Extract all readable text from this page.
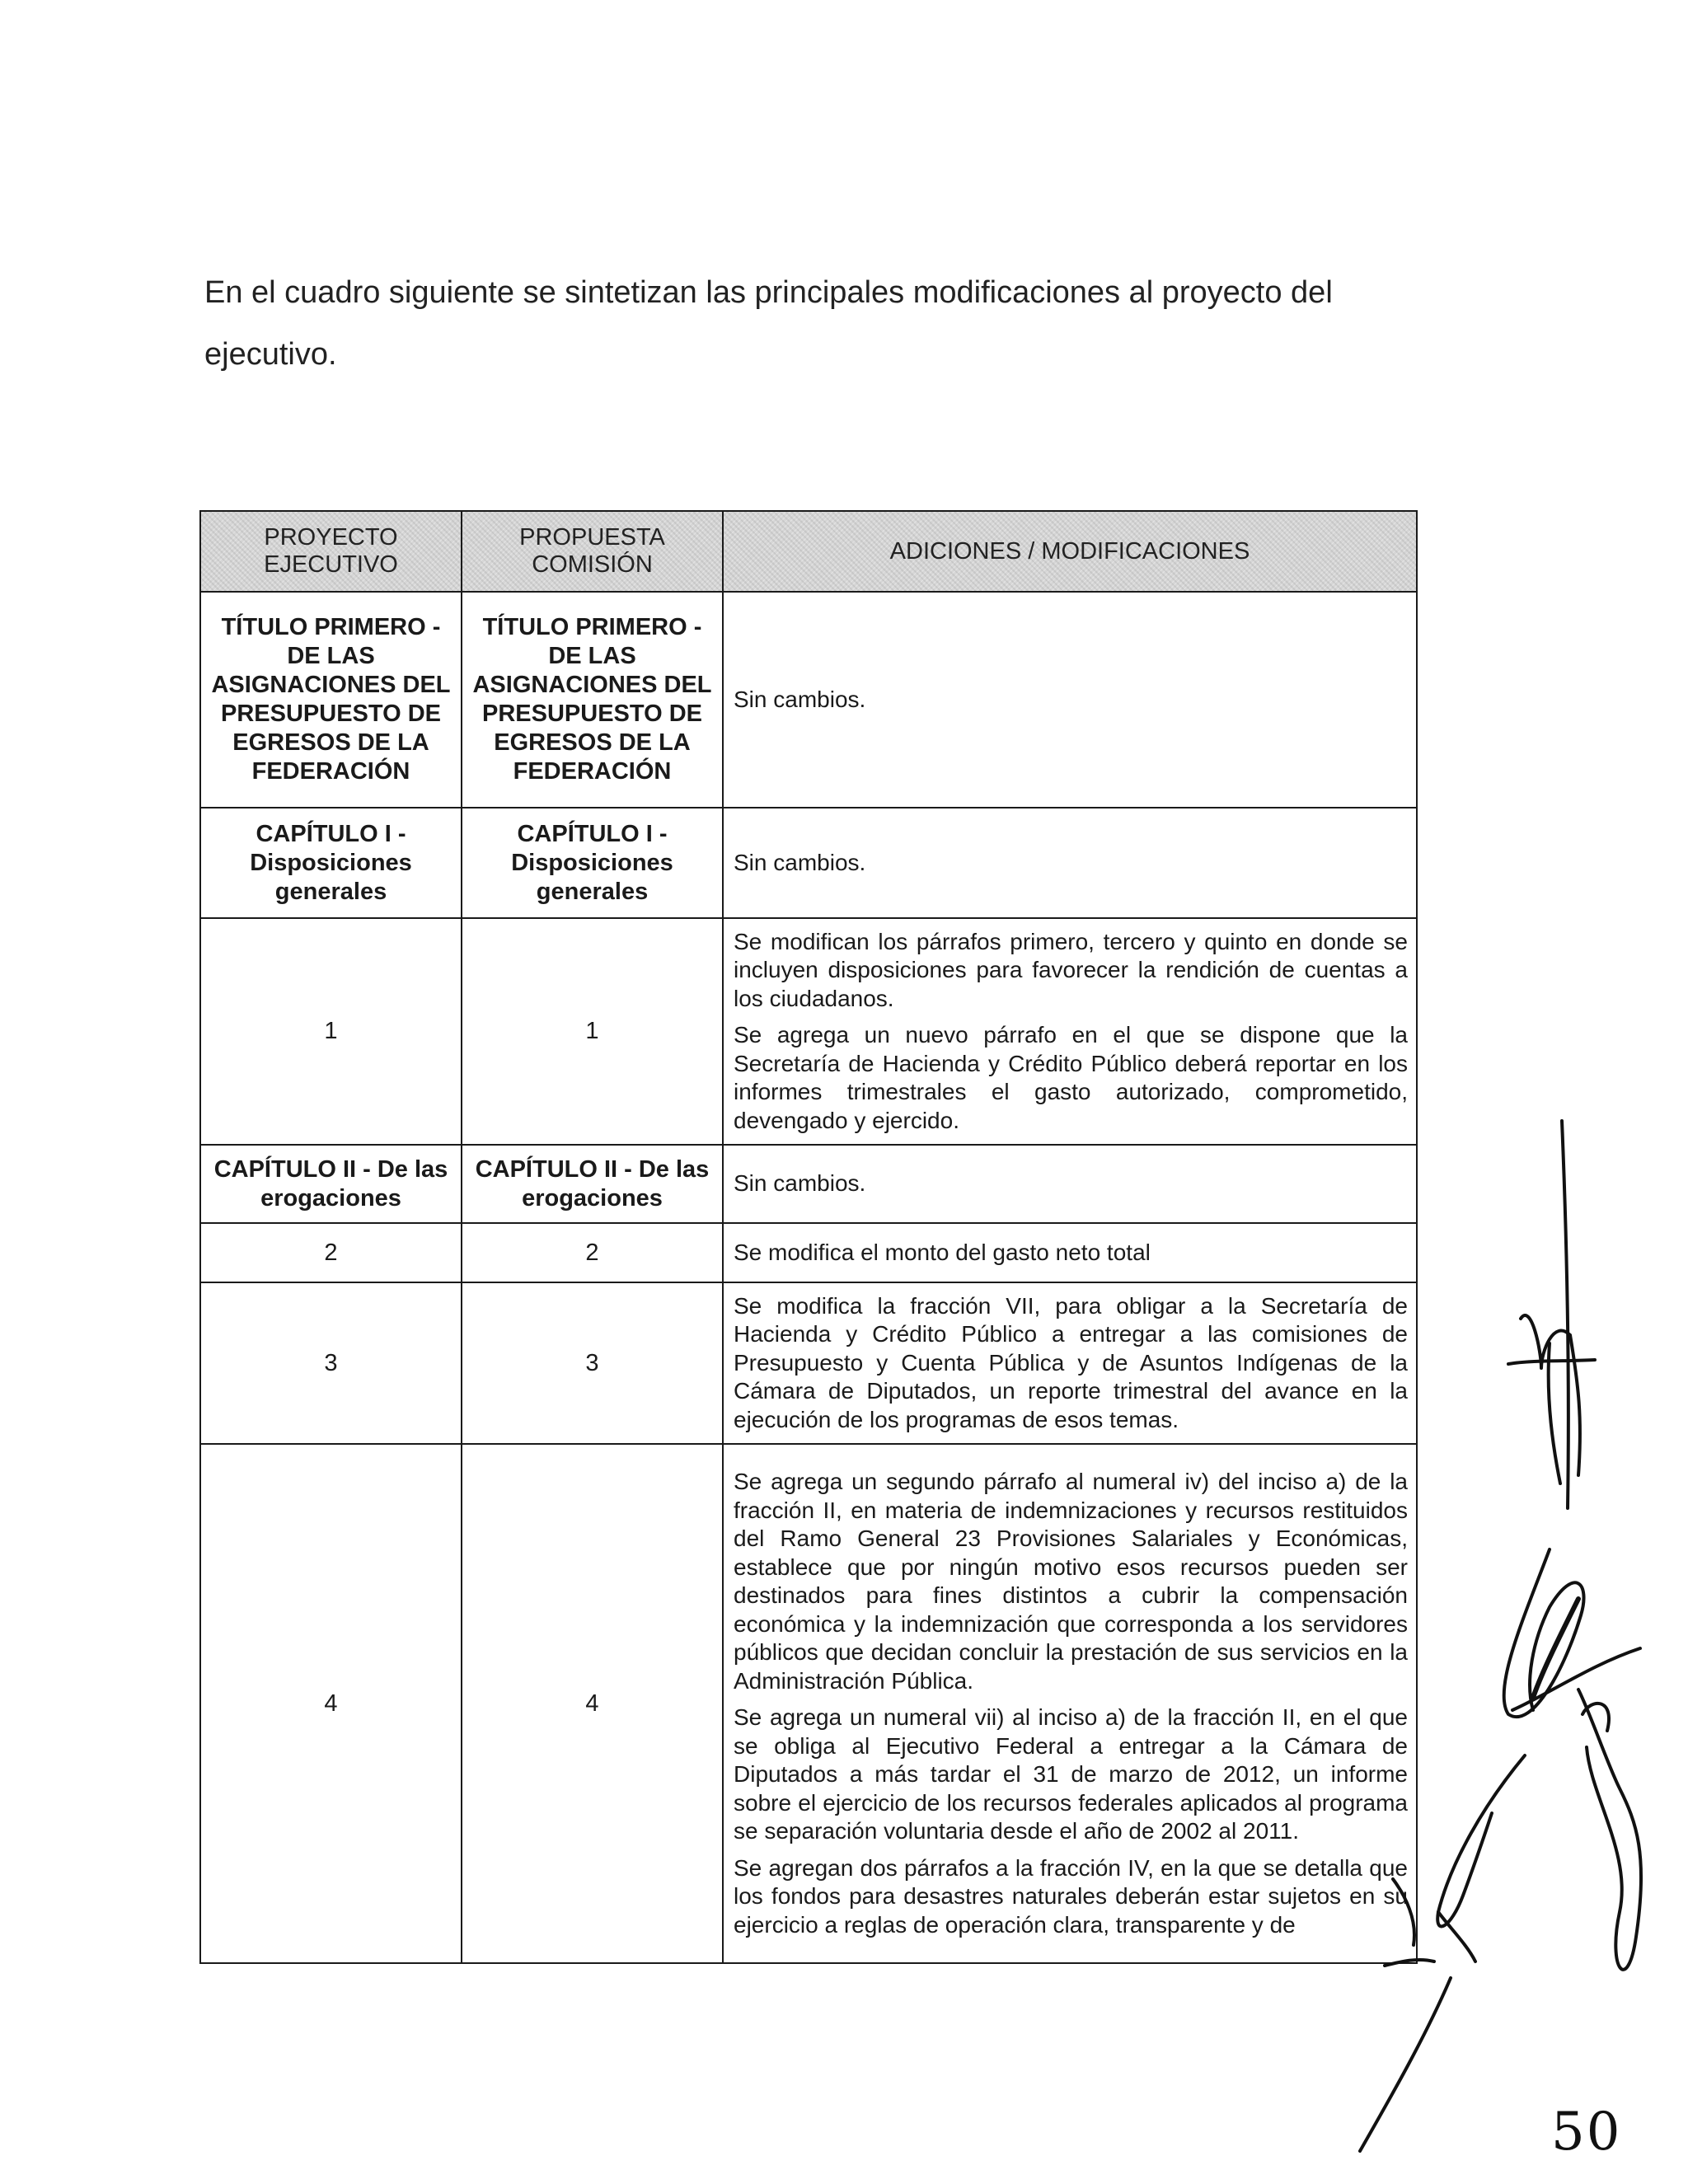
En el cuadro siguiente se sintetizan las principales modificaciones al proyecto del ejecutivo.
PROYECTO EJECUTIVO	PROPUESTA COMISIÓN	ADICIONES / MODIFICACIONES
TÍTULO PRIMERO - DE LAS ASIGNACIONES DEL PRESUPUESTO DE EGRESOS DE LA FEDERACIÓN	TÍTULO PRIMERO - DE LAS ASIGNACIONES DEL PRESUPUESTO DE EGRESOS DE LA FEDERACIÓN	Sin cambios.

CAPÍTULO I - Disposiciones generales	CAPÍTULO I - Disposiciones generales	Sin cambios.

1	1	Se modifican los párrafos primero, tercero y quinto en donde se incluyen disposiciones para favorecer la rendición de cuentas a los ciudadanos.

Se agrega un nuevo párrafo en el que se dispone que la Secretaría de Hacienda y Crédito Público deberá reportar en los informes trimestrales el gasto autorizado, comprometido, devengado y ejercido.

CAPÍTULO II - De las erogaciones	CAPÍTULO II - De las erogaciones	Sin cambios.

2	2	Se modifica el monto del gasto neto total

3	3	Se modifica la fracción VII, para obligar a la Secretaría de Hacienda y Crédito Público a entregar a las comisiones de Presupuesto y Cuenta Pública y de Asuntos Indígenas de la Cámara de Diputados, un reporte trimestral del avance en la ejecución de los programas de esos temas.

4	4	Se agrega un segundo párrafo al numeral iv) del inciso a) de la fracción II, en materia de indemnizaciones y recursos restituidos del Ramo General 23 Provisiones Salariales y Económicas, establece que por ningún motivo esos recursos pueden ser destinados para fines distintos a cubrir la compensación económica y la indemnización que corresponda a los servidores públicos que decidan concluir la prestación de sus servicios en la Administración Pública.

Se agrega un numeral vii) al inciso a) de la fracción II, en el que se obliga al Ejecutivo Federal a entregar a la Cámara de Diputados a más tardar el 31 de marzo de 2012, un informe sobre el ejercicio de los recursos federales aplicados al programa se separación voluntaria desde el año de 2002 al 2011.

Se agregan dos párrafos a la fracción IV, en la que se detalla que los fondos para desastres naturales deberán estar sujetos en su ejercicio a reglas de operación clara, transparente y de

50
